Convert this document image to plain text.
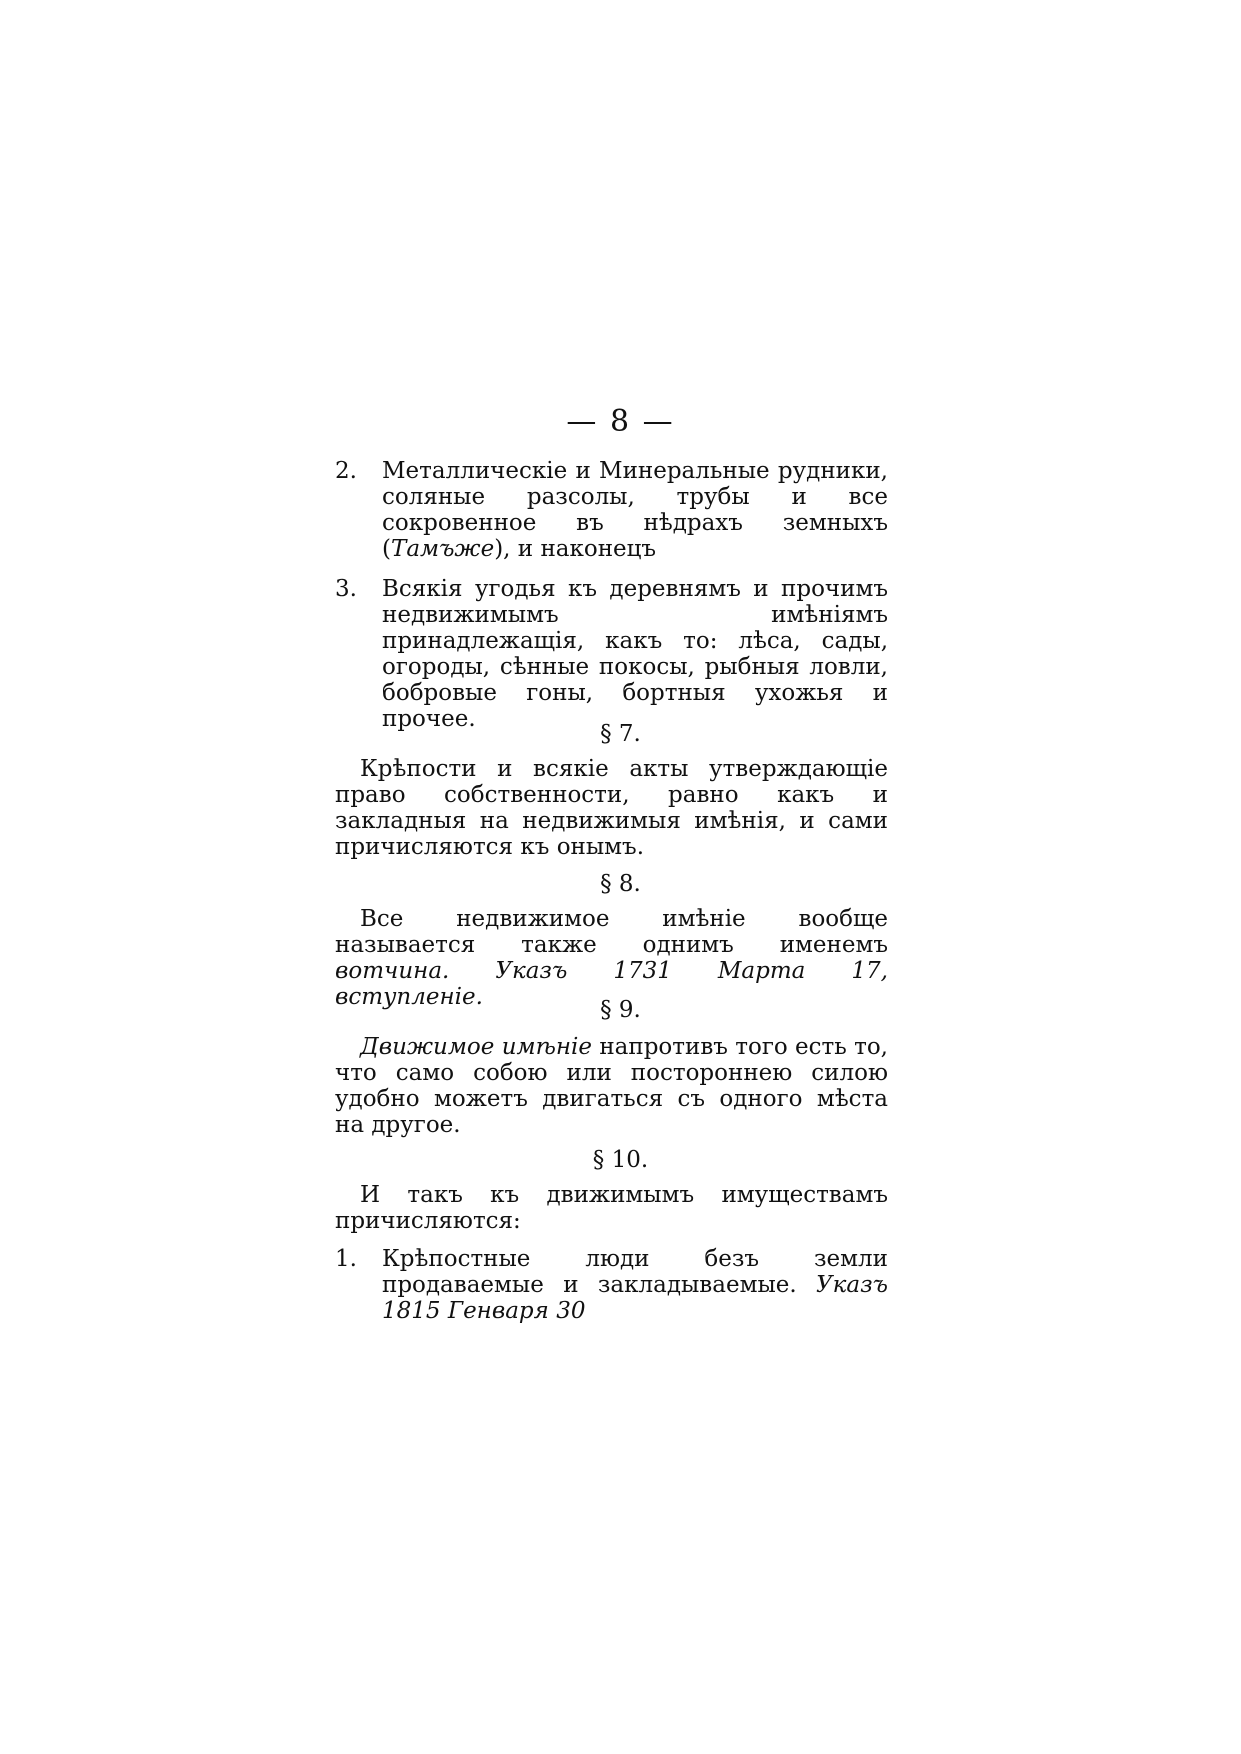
— 8 —
2.	Металлическіе и Минеральные рудники, соляные разсолы, трубы и все сокровенное въ нѣдрахъ земныхъ (Тамъже), и наконецъ
3.	Всякія угодья къ деревнямъ и прочимъ недвижимымъ имѣніямъ принадлежащія, какъ то: лѣса, сады, огороды, сѣнные покосы, рыбныя ловли, бобровые гоны, бортныя ухожья и прочее.
§ 7.
Крѣпости и всякіе акты утверждающіе право собственности, равно какъ и закладныя на недвижимыя имѣнія, и сами причисляются къ онымъ.
§ 8.
Все недвижимое имѣніе вообще называется также однимъ именемъ вотчина. Указъ 1731 Марта 17, вступленіе.	§ 9.
Движимое имѣніе напротивъ того есть то, что само собою или постороннею силою удобно можетъ двигаться съ одного мѣста на другое.
§ 10.
И такъ къ движимымъ имуществамъ причисляются:
1.	Крѣпостные люди безъ земли продаваемые и закладываемые. Указъ 1815 Генваря 30
